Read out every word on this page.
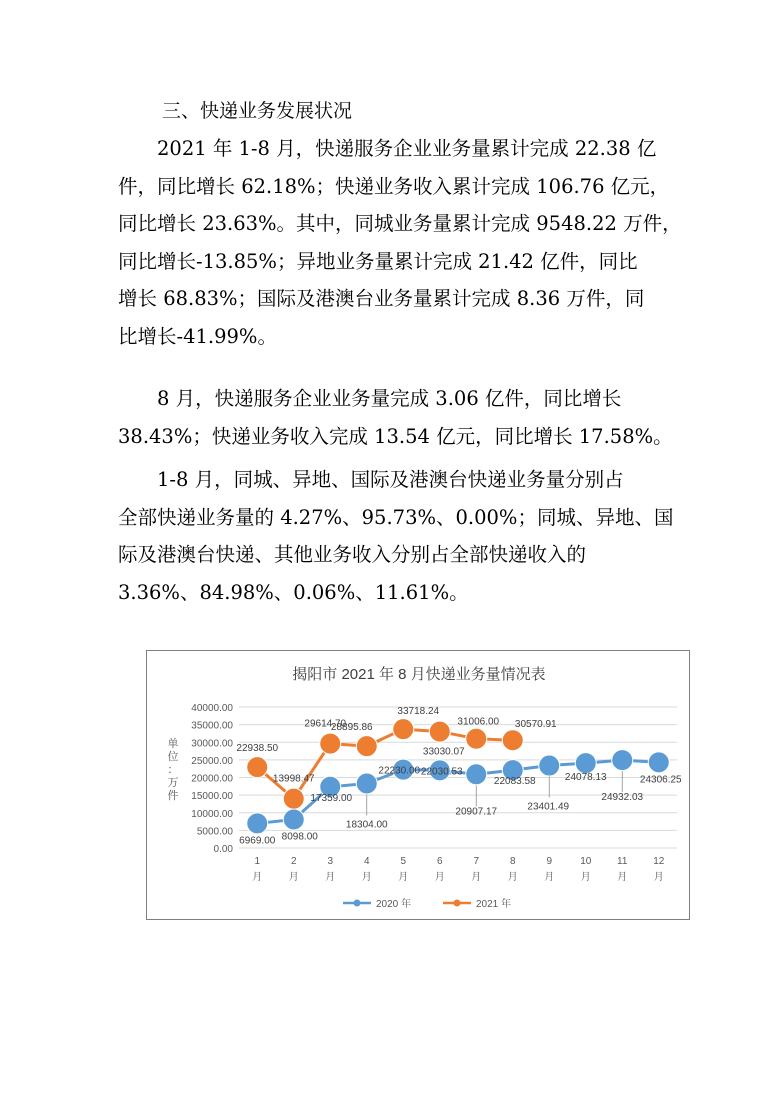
三、快递业务发展状况
　　2021 年 1-8 月，快递服务企业业务量累计完成 22.38 亿
件，同比增长 62.18%；快递业务收入累计完成 106.76 亿元，
同比增长 23.63%。其中，同城业务量累计完成 9548.22 万件，
同比增长-13.85%；异地业务量累计完成 21.42 亿件，同比
增长 68.83%；国际及港澳台业务量累计完成 8.36 万件，同
比增长-41.99%。
　　8 月，快递服务企业业务量完成 3.06 亿件，同比增长
38.43%；快递业务收入完成 13.54 亿元，同比增长 17.58%。
　　1-8 月，同城、异地、国际及港澳台快递业务量分别占
全部快递业务量的 4.27%、95.73%、0.00%；同城、异地、国
际及港澳台快递、其他业务收入分别占全部快递收入的
3.36%、84.98%、0.06%、11.61%。
揭阳市 2021 年 8 月快递业务量情况表
0.00
5000.00
10000.00
15000.00
20000.00
25000.00
30000.00
35000.00
40000.00
单
位
：
万
件
1
月
2
月
3
月
4
月
5
月
6
月
7
月
8
月
9
月
10
月
11
月
12
月
6969.00 8098.00
17359.00
18304.00
22230.00 22030.53
20907.17
22083.58
23401.49
24078.13
24932.03
24306.25
22938.50
13998.47
29614.70
28895.86
33718.24
33030.07
31006.00 30570.91
2020 年	2021 年
